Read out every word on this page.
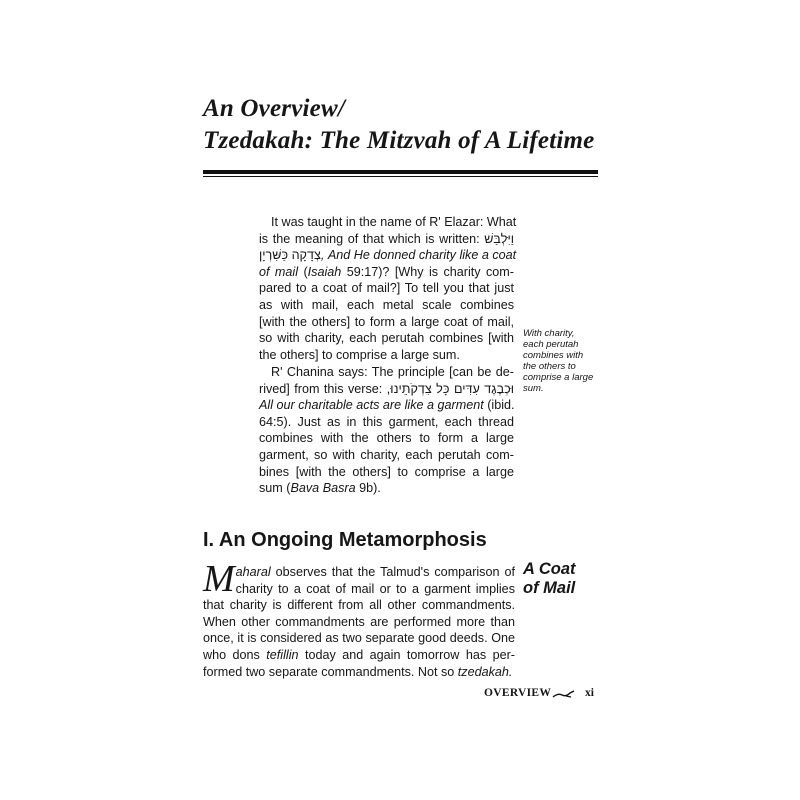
An Overview/
Tzedakah: The Mitzvah of A Lifetime
It was taught in the name of R' Elazar: What
is the meaning of that which is written: וַיִּלְבַּשׁ
צְדָקָה כַּשִּׁרְיָן, And He donned charity like a coat
of mail (Isaiah 59:17)? [Why is charity com-
pared to a coat of mail?] To tell you that just
as with mail, each metal scale combines
[with the others] to form a large coat of mail,
so with charity, each perutah combines [with
the others] to comprise a large sum.
R' Chanina says: The principle [can be de-
rived] from this verse: וּכְבֶגֶד עִדִּים כָּל צִדְקֹתֵינוּ,
All our charitable acts are like a garment (ibid.
64:5). Just as in this garment, each thread
combines with the others to form a large
garment, so with charity, each perutah com-
bines [with the others] to comprise a large
sum (Bava Basra 9b).
With charity,
each perutah
combines with
the others to
comprise a large
sum.
I. An Ongoing Metamorphosis
A Coat
of Mail
M aharal observes that the Talmud's comparison of
charity to a coat of mail or to a garment implies
that charity is different from all other commandments.
When other commandments are performed more than
once, it is considered as two separate good deeds. One
who dons tefillin today and again tomorrow has per-
formed two separate commandments. Not so tzedakah.
OVERVIEW	xi
